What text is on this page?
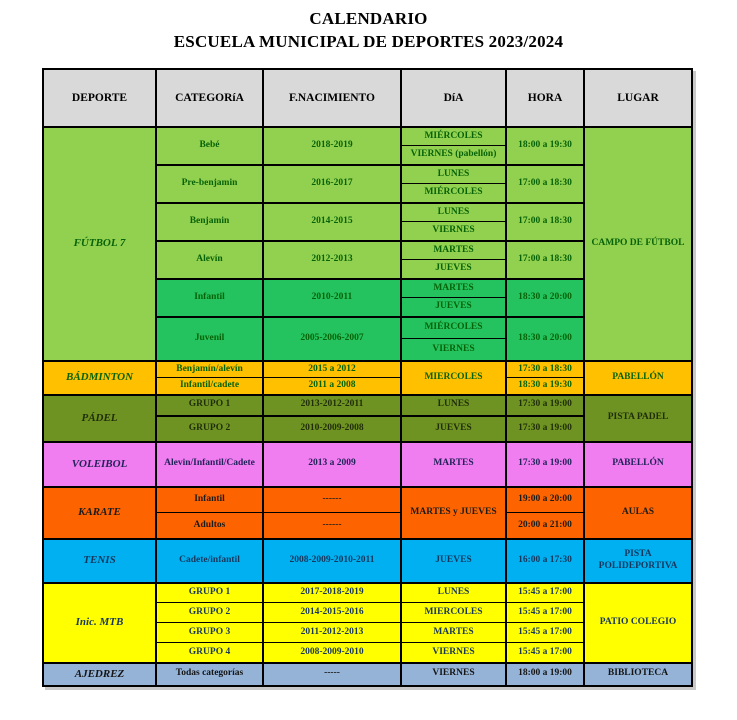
CALENDARIO
ESCUELA MUNICIPAL DE DEPORTES 2023/2024
DEPORTE	CATEGORíA	F.NACIMIENTO	DíA	HORA	LUGAR
FÚTBOL 7	Bebé	2018-2019	MIÉRCOLES	18:00 a 19:30	CAMPO DE FÚTBOL
			VIERNES (pabellón)		
	Pre-benjamin	2016-2017	LUNES	17:00 a 18:30	
			MIÉRCOLES		
	Benjamin	2014-2015	LUNES	17:00 a 18:30	
			VIERNES		
	Alevín	2012-2013	MARTES	17:00 a 18:30	
			JUEVES		
	Infantil	2010-2011	MARTES	18:30 a 20:00	
			JUEVES		
	Juvenil	2005-2006-2007	MIÉRCOLES	18:30 a 20:00	
			VIERNES		
BÁDMINTON	Benjamín/alevín	2015 a 2012	MIERCOLES	17:30 a 18:30	PABELLÓN
	Infantil/cadete	2011 a 2008		18:30 a 19:30	
PÁDEL	GRUPO 1	2013-2012-2011	LUNES	17:30 a 19:00	PISTA PADEL
	GRUPO 2	2010-2009-2008	JUEVES	17:30 a 19:00	
VOLEIBOL	Alevin/Infantil/Cadete	2013 a 2009	MARTES	17:30 a 19:00	PABELLÓN
KARATE	Infantil	------	MARTES y JUEVES	19:00 a 20:00	AULAS
	Adultos	------		20:00 a 21:00	
TENIS	Cadete/infantil	2008-2009-2010-2011	JUEVES	16:00 a 17:30	PISTA POLIDEPORTIVA
Inic. MTB	GRUPO 1	2017-2018-2019	LUNES	15:45 a 17:00	PATIO COLEGIO
	GRUPO 2	2014-2015-2016	MIERCOLES	15:45 a 17:00	
	GRUPO 3	2011-2012-2013	MARTES	15:45 a 17:00	
	GRUPO 4	2008-2009-2010	VIERNES	15:45 a 17:00	
AJEDREZ	Todas categorías	-----	VIERNES	18:00 a 19:00	BIBLIOTECA
